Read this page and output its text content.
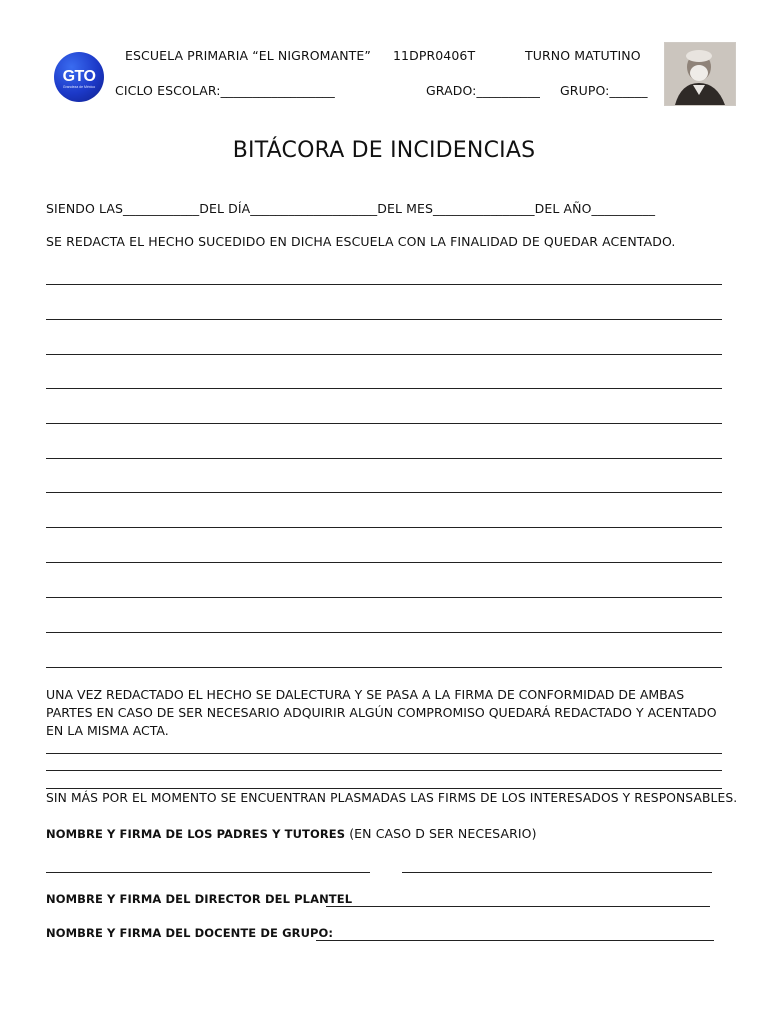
GTO
Grandeza de México
ESCUELA PRIMARIA “EL NIGROMANTE” 11DPR0406T	TURNO MATUTINO
CICLO ESCOLAR:__________________	GRADO:__________ GRUPO:______
BITÁCORA DE INCIDENCIAS
SIENDO LAS____________DEL DÍA____________________DEL MES________________DEL AÑO__________
SE REDACTA EL HECHO SUCEDIDO EN DICHA ESCUELA CON LA FINALIDAD DE QUEDAR ACENTADO.
UNA VEZ REDACTADO EL HECHO SE DALECTURA Y SE PASA A LA FIRMA DE CONFORMIDAD DE AMBAS PARTES EN CASO DE SER NECESARIO ADQUIRIR ALGÚN COMPROMISO QUEDARÁ REDACTADO Y ACENTADO EN LA MISMA ACTA.
SIN MÁS POR EL MOMENTO SE ENCUENTRAN PLASMADAS LAS FIRMS DE LOS INTERESADOS Y RESPONSABLES.
NOMBRE Y FIRMA DE LOS PADRES Y TUTORES (EN CASO D SER NECESARIO)
NOMBRE Y FIRMA DEL DIRECTOR DEL PLANTEL
NOMBRE Y FIRMA DEL DOCENTE DE GRUPO:
